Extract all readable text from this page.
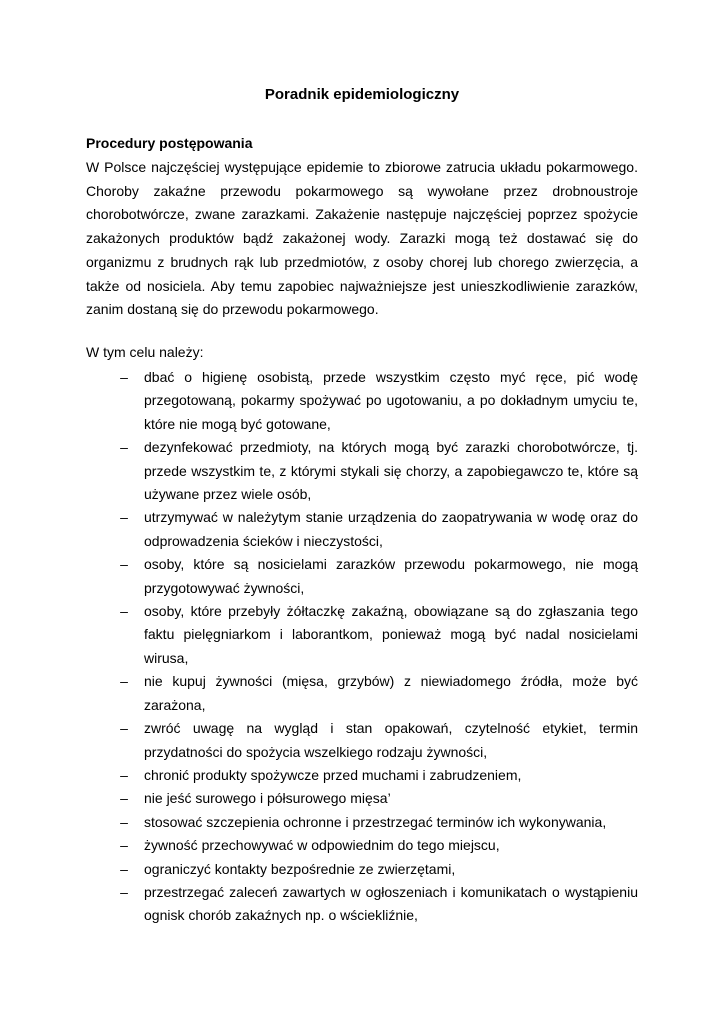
Poradnik epidemiologiczny
Procedury postępowania

W Polsce najczęściej występujące epidemie to zbiorowe zatrucia układu pokarmowego. Choroby zakaźne przewodu pokarmowego są wywołane przez drobnoustroje chorobotwórcze, zwane zarazkami. Zakażenie następuje najczęściej poprzez spożycie zakażonych produktów bądź zakażonej wody. Zarazki mogą też dostawać się do organizmu z brudnych rąk lub przedmiotów, z osoby chorej lub chorego zwierzęcia, a także od nosiciela. Aby temu zapobiec najważniejsze jest unieszkodliwienie zarazków, zanim dostaną się do przewodu pokarmowego.

W tym celu należy:
– dbać o higienę osobistą, przede wszystkim często myć ręce, pić wodę przegotowaną, pokarmy spożywać po ugotowaniu, a po dokładnym umyciu te, które nie mogą być gotowane,
– dezynfekować przedmioty, na których mogą być zarazki chorobotwórcze, tj. przede wszystkim te, z którymi stykali się chorzy, a zapobiegawczo te, które są używane przez wiele osób,
– utrzymywać w należytym stanie urządzenia do zaopatrywania w wodę oraz do odprowadzenia ścieków i nieczystości,
– osoby, które są nosicielami zarazków przewodu pokarmowego, nie mogą przygotowywać żywności,
– osoby, które przebyły żółtaczkę zakaźną, obowiązane są do zgłaszania tego faktu pielęgniarkom i laborantkom, ponieważ mogą być nadal nosicielami wirusa,
– nie kupuj żywności (mięsa, grzybów) z niewiadomego źródła, może być zarażona,
– zwróć uwagę na wygląd i stan opakowań, czytelność etykiet, termin przydatności do spożycia wszelkiego rodzaju żywności,
– chronić produkty spożywcze przed muchami i zabrudzeniem,
– nie jeść surowego i półsurowego mięsa’
– stosować szczepienia ochronne i przestrzegać terminów ich wykonywania,
– żywność przechowywać w odpowiednim do tego miejscu,
– ograniczyć kontakty bezpośrednie ze zwierzętami,
– przestrzegać zaleceń zawartych w ogłoszeniach i komunikatach o wystąpieniu ognisk chorób zakaźnych np. o wściekliźnie,
